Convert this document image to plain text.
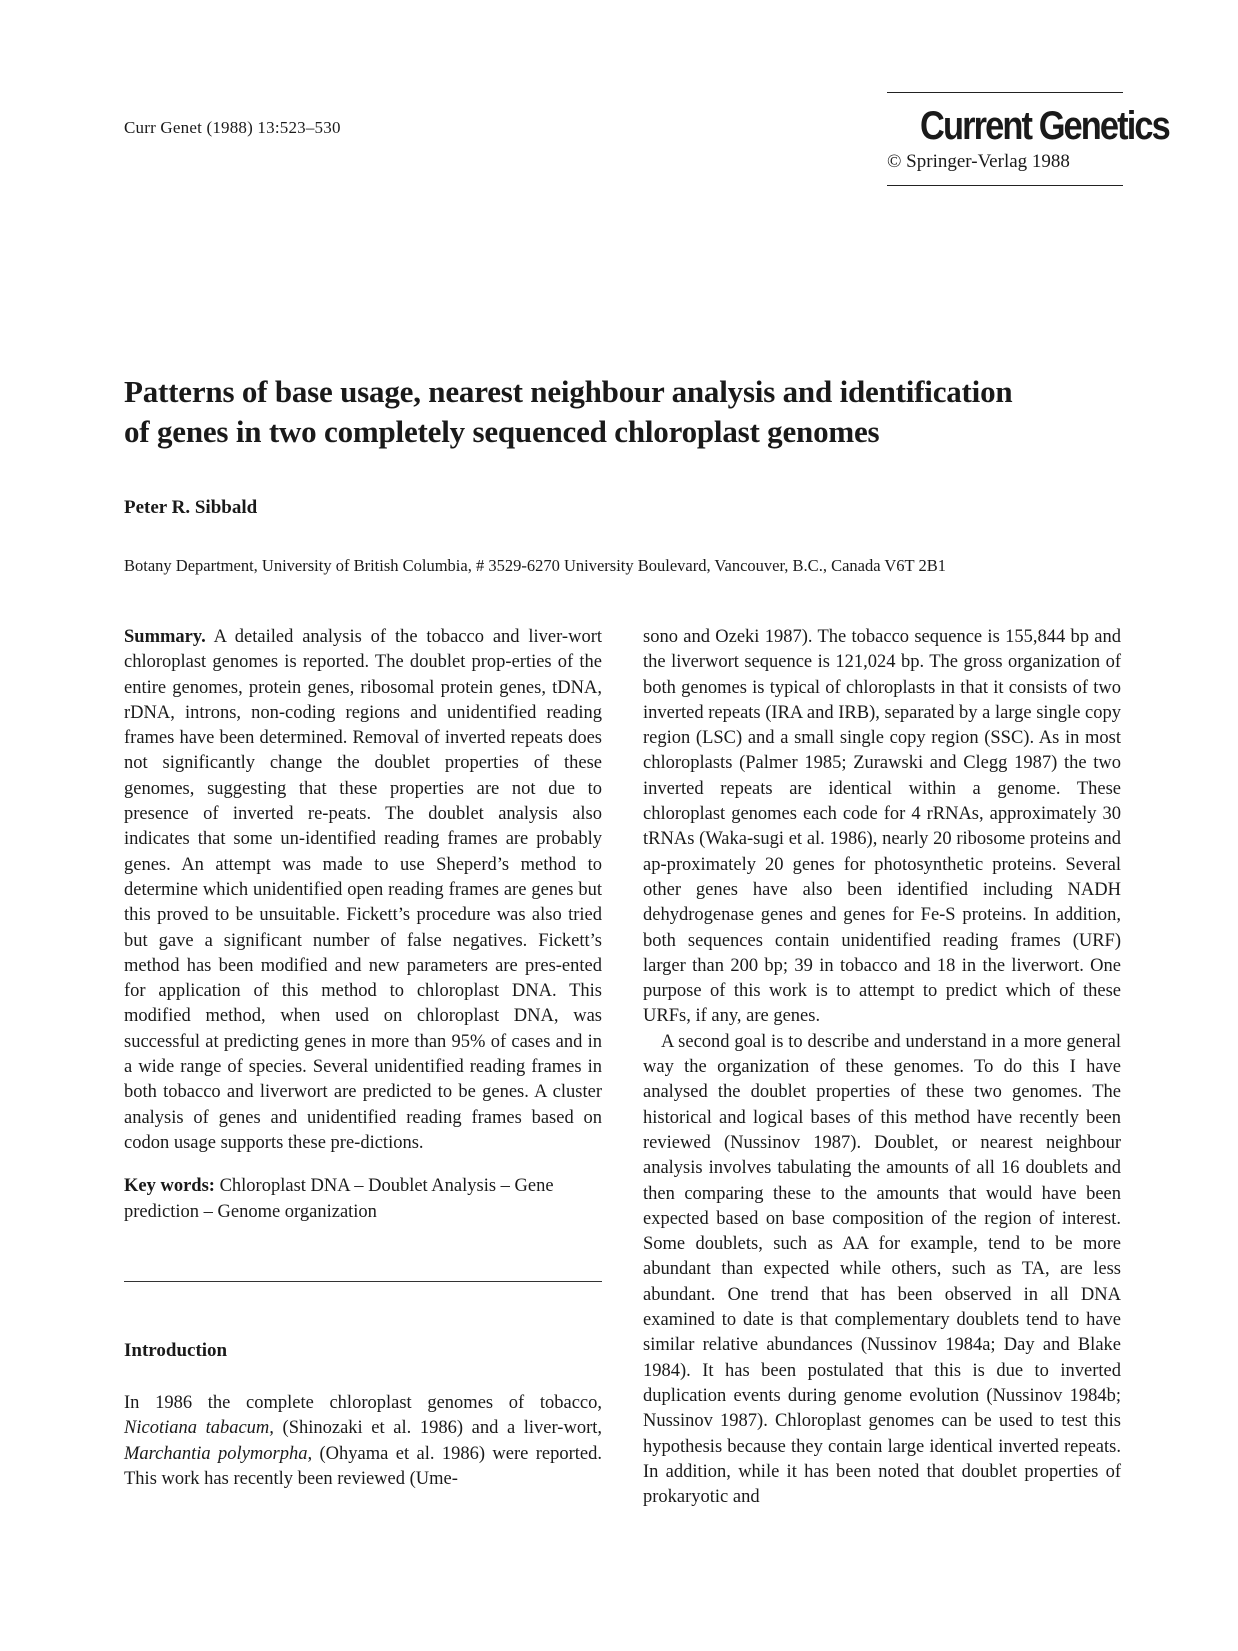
Curr Genet (1988) 13:523–530	Current Genetics
© Springer-Verlag 1988
Patterns of base usage, nearest neighbour analysis and identification
of genes in two completely sequenced chloroplast genomes
Peter R. Sibbald
Botany Department, University of British Columbia, # 3529-6270 University Boulevard, Vancouver, B.C., Canada V6T 2B1

Summary. A detailed analysis of the tobacco and liver-wort chloroplast genomes is reported. The doublet prop-erties of the entire genomes, protein genes, ribosomal protein genes, tDNA, rDNA, introns, non-coding regions and unidentified reading frames have been determined. Removal of inverted repeats does not significantly change the doublet properties of these genomes, suggesting that these properties are not due to presence of inverted re-peats. The doublet analysis also indicates that some un-identified reading frames are probably genes. An attempt was made to use Sheperd’s method to determine which unidentified open reading frames are genes but this proved to be unsuitable. Fickett’s procedure was also tried but gave a significant number of false negatives. Fickett’s method has been modified and new parameters are pres-ented for application of this method to chloroplast DNA. This modified method, when used on chloroplast DNA, was successful at predicting genes in more than 95% of cases and in a wide range of species. Several unidentified reading frames in both tobacco and liverwort are predicted to be genes. A cluster analysis of genes and unidentified reading frames based on codon usage supports these pre-dictions.

Key words: Chloroplast DNA – Doublet Analysis – Gene prediction – Genome organization

Introduction

In 1986 the complete chloroplast genomes of tobacco, Nicotiana tabacum, (Shinozaki et al. 1986) and a liver-wort, Marchantia polymorpha, (Ohyama et al. 1986) were reported. This work has recently been reviewed (Ume-

sono and Ozeki 1987). The tobacco sequence is 155,844 bp and the liverwort sequence is 121,024 bp. The gross organization of both genomes is typical of chloroplasts in that it consists of two inverted repeats (IRA and IRB), separated by a large single copy region (LSC) and a small single copy region (SSC). As in most chloroplasts (Palmer 1985; Zurawski and Clegg 1987) the two inverted repeats are identical within a genome. These chloroplast genomes each code for 4 rRNAs, approximately 30 tRNAs (Waka-sugi et al. 1986), nearly 20 ribosome proteins and ap-proximately 20 genes for photosynthetic proteins. Several other genes have also been identified including NADH dehydrogenase genes and genes for Fe-S proteins. In addition, both sequences contain unidentified reading frames (URF) larger than 200 bp; 39 in tobacco and 18 in the liverwort. One purpose of this work is to attempt to predict which of these URFs, if any, are genes.

A second goal is to describe and understand in a more general way the organization of these genomes. To do this I have analysed the doublet properties of these two genomes. The historical and logical bases of this method have recently been reviewed (Nussinov 1987). Doublet, or nearest neighbour analysis involves tabulating the amounts of all 16 doublets and then comparing these to the amounts that would have been expected based on base composition of the region of interest. Some doublets, such as AA for example, tend to be more abundant than expected while others, such as TA, are less abundant. One trend that has been observed in all DNA examined to date is that complementary doublets tend to have similar relative abundances (Nussinov 1984a; Day and Blake 1984). It has been postulated that this is due to inverted duplication events during genome evolution (Nussinov 1984b; Nussinov 1987). Chloroplast genomes can be used to test this hypothesis because they contain large identical inverted repeats. In addition, while it has been noted that doublet properties of prokaryotic and
